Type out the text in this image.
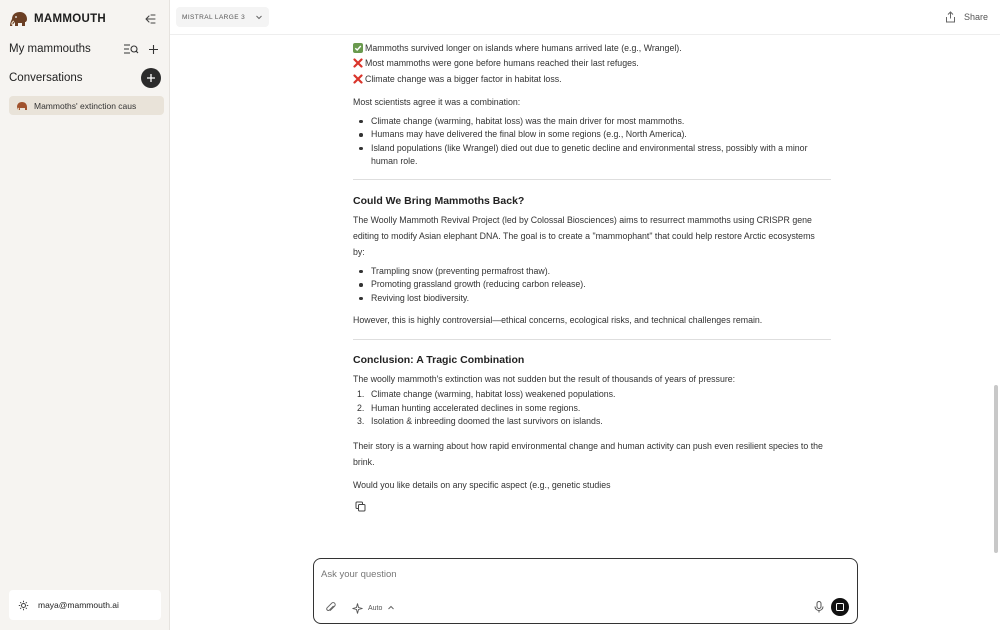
MAMMOUTH
My mammouths
Conversations
Mammoths' extinction caus
maya@mammouth.ai
MISTRAL LARGE 3	Share
Mammoths survived longer on islands where humans arrived late (e.g., Wrangel).
Most mammoths were gone before humans reached their last refuges.
Climate change was a bigger factor in habitat loss.

Most scientists agree it was a combination:

Climate change (warming, habitat loss) was the main driver for most mammoths.
Humans may have delivered the final blow in some regions (e.g., North America).
Island populations (like Wrangel) died out due to genetic decline and environmental stress, possibly with a minor human role.
Could We Bring Mammoths Back?

The Woolly Mammoth Revival Project (led by Colossal Biosciences) aims to resurrect mammoths using CRISPR gene editing to modify Asian elephant DNA. The goal is to create a "mammophant" that could help restore Arctic ecosystems by:

Trampling snow (preventing permafrost thaw).
Promoting grassland growth (reducing carbon release).
Reviving lost biodiversity.

However, this is highly controversial—ethical concerns, ecological risks, and technical challenges remain.

Conclusion: A Tragic Combination

The woolly mammoth's extinction was not sudden but the result of thousands of years of pressure:

1. Climate change (warming, habitat loss) weakened populations.
2. Human hunting accelerated declines in some regions.
3. Isolation & inbreeding doomed the last survivors on islands.

Their story is a warning about how rapid environmental change and human activity can push even resilient species to the brink.

Would you like details on any specific aspect (e.g., genetic studies

Ask your question
Auto
